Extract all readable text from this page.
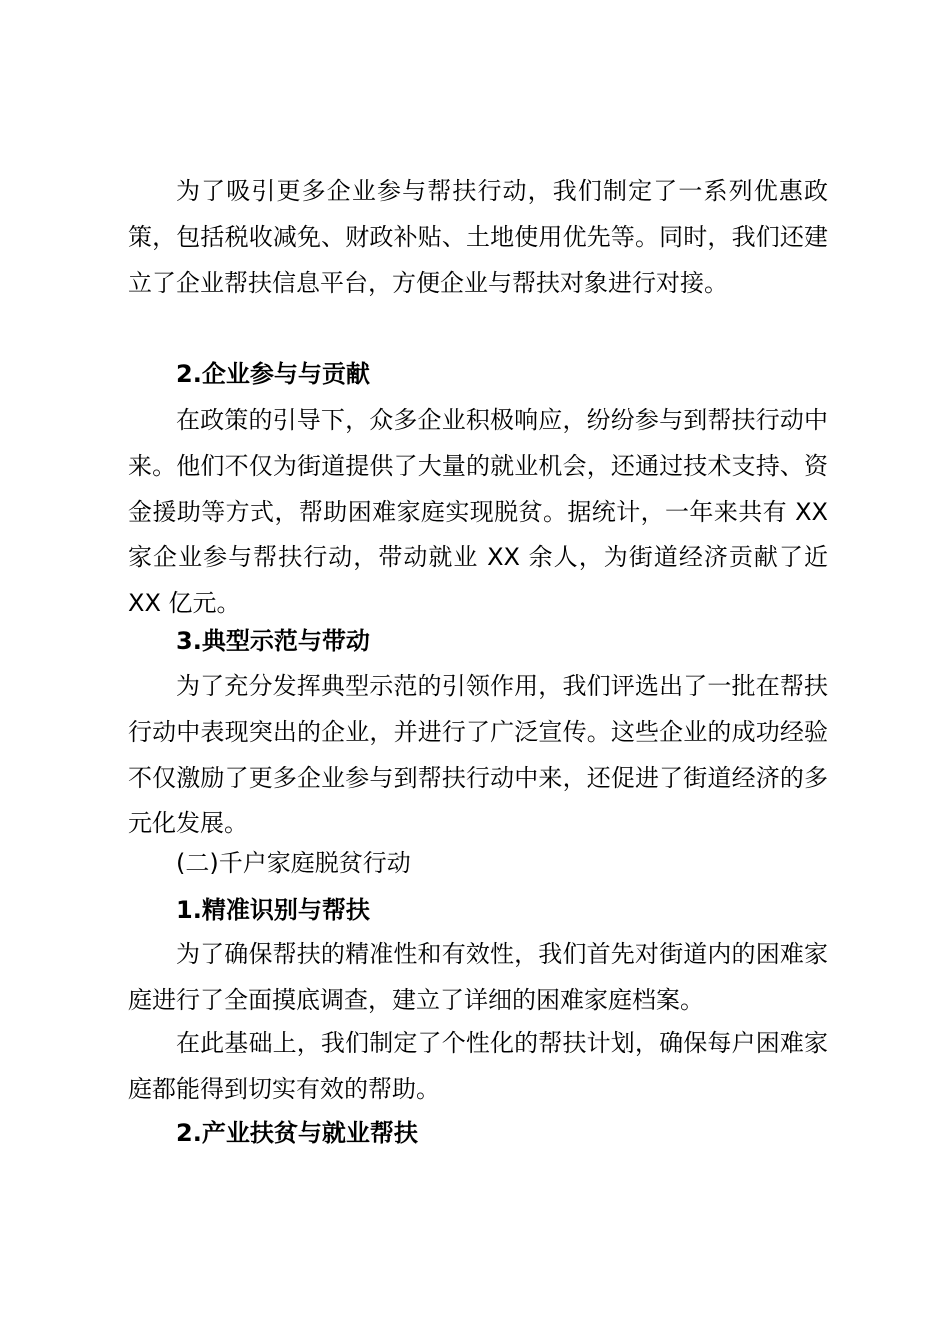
为了吸引更多企业参与帮扶行动，我们制定了一系列优惠政策，包括税收减免、财政补贴、土地使用优先等。同时，我们还建立了企业帮扶信息平台，方便企业与帮扶对象进行对接。

2.企业参与与贡献

在政策的引导下，众多企业积极响应，纷纷参与到帮扶行动中来。他们不仅为街道提供了大量的就业机会，还通过技术支持、资金援助等方式，帮助困难家庭实现脱贫。据统计，一年来共有 XX 家企业参与帮扶行动，带动就业 XX 余人，为街道经济贡献了近 XX 亿元。

3.典型示范与带动

为了充分发挥典型示范的引领作用，我们评选出了一批在帮扶行动中表现突出的企业，并进行了广泛宣传。这些企业的成功经验不仅激励了更多企业参与到帮扶行动中来，还促进了街道经济的多元化发展。

(二)千户家庭脱贫行动

1.精准识别与帮扶

为了确保帮扶的精准性和有效性，我们首先对街道内的困难家庭进行了全面摸底调查，建立了详细的困难家庭档案。

在此基础上，我们制定了个性化的帮扶计划，确保每户困难家庭都能得到切实有效的帮助。

2.产业扶贫与就业帮扶
